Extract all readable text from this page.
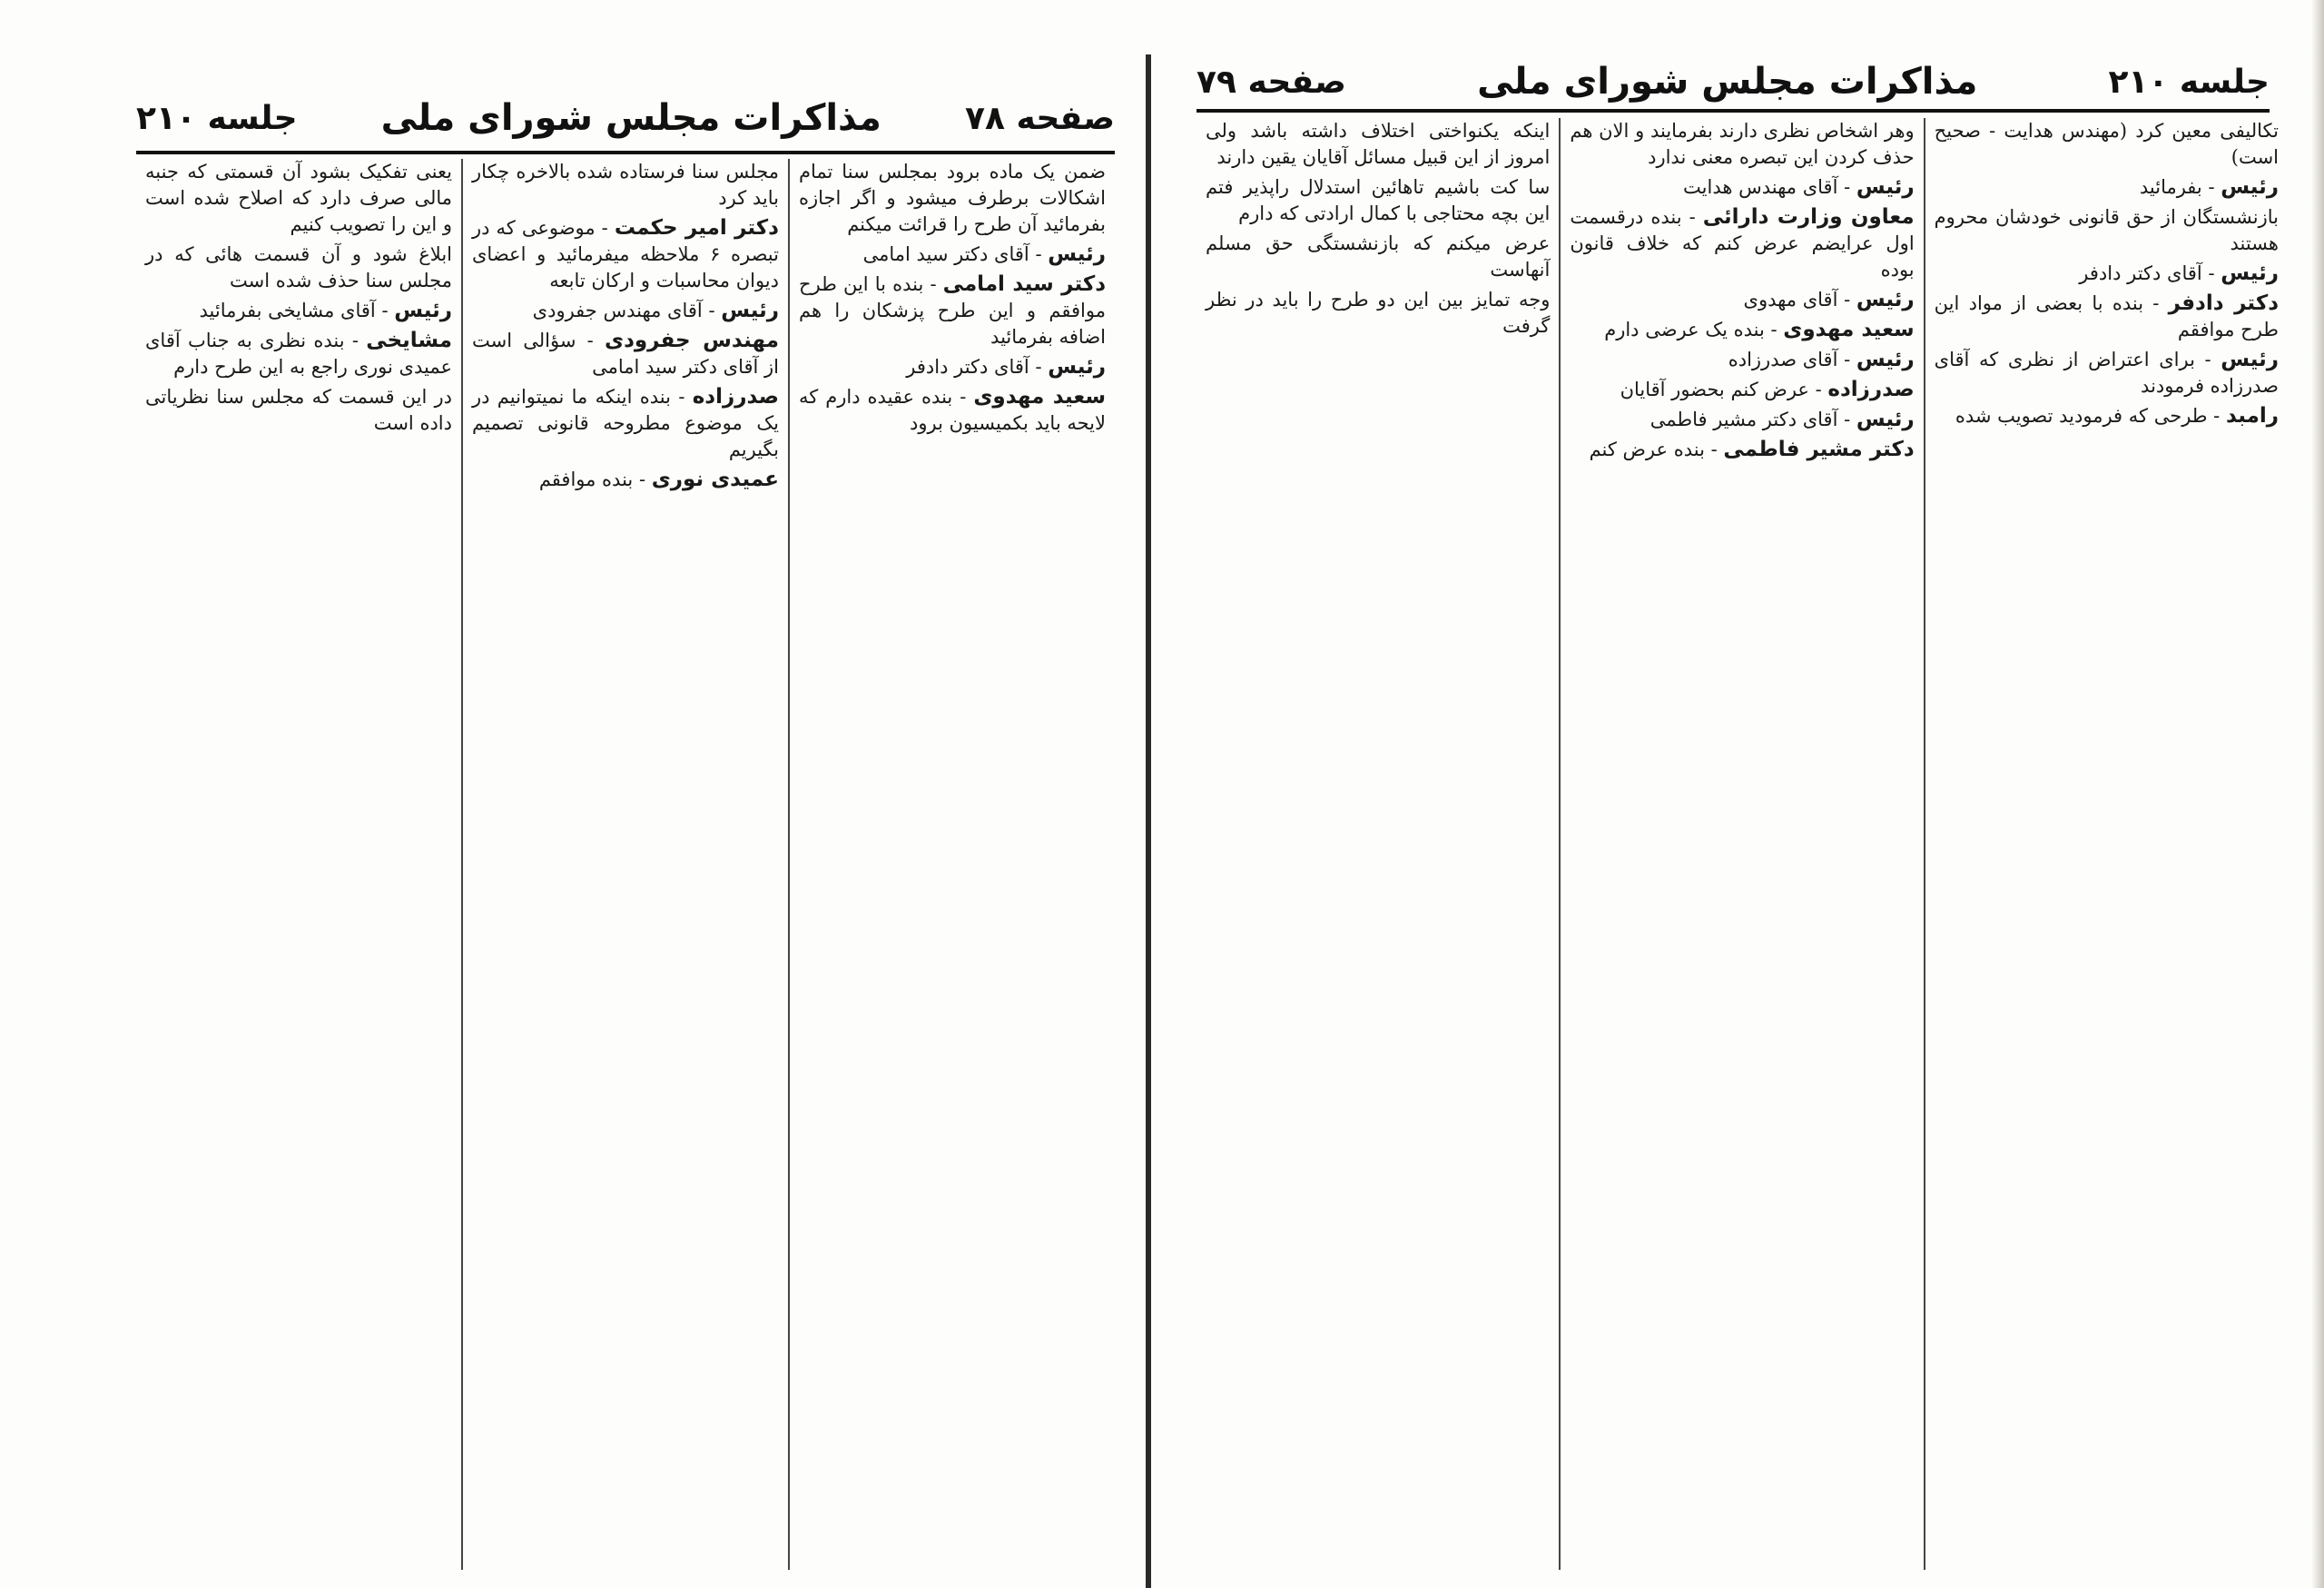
صفحه ۷۸
مذاکرات مجلس شورای ملی
جلسه ۲۱۰

ضمن یک ماده برود بمجلس سنا تمام اشکالات برطرف میشود و اگر اجازه بفرمائید آن طرح را قرائت میکنم

رئیس - آقای دکتر سید امامی

دکتر سید امامی - بنده با این طرح موافقم و این طرح پزشکان را هم اضافه بفرمائید

رئیس - آقای دکتر دادفر

سعید مهدوی - بنده عقیده دارم که لایحه باید بکمیسیون برود

مجلس سنا فرستاده شده بالاخره چکار باید کرد

دکتر امیر حکمت - موضوعی که در تبصره ۶ ملاحظه میفرمائید و اعضای دیوان محاسبات و ارکان تابعه

رئیس - آقای مهندس جفرودی

مهندس جفرودی - سؤالی است از آقای دکتر سید امامی

صدرزاده - بنده اینکه ما نمیتوانیم در یک موضوع مطروحه قانونی تصمیم بگیریم

عمیدی نوری - بنده موافقم

یعنی تفکیک بشود آن قسمتی که جنبه مالی صرف دارد که اصلاح شده است و این را تصویب کنیم

ابلاغ شود و آن قسمت هائی که در مجلس سنا حذف شده است

رئیس - آقای مشایخی بفرمائید

مشایخی - بنده نظری به جناب آقای عمیدی نوری راجع به این طرح دارم

در این قسمت که مجلس سنا نظریاتی داده است

جلسه ۲۱۰
مذاکرات مجلس شورای ملی
صفحه ۷۹

تکالیفی معین کرد (مهندس هدایت - صحیح است)

رئیس - بفرمائید

بازنشستگان از حق قانونی خودشان محروم هستند

رئیس - آقای دکتر دادفر

دکتر دادفر - بنده با بعضی از مواد این طرح موافقم

رئیس - برای اعتراض از نظری که آقای صدرزاده فرمودند

رامبد - طرحی که فرمودید تصویب شده

وهر اشخاص نظری دارند بفرمایند و الان هم حذف کردن این تبصره معنی ندارد

رئیس - آقای مهندس هدایت

معاون وزارت دارائی - بنده درقسمت اول عرایضم عرض کنم که خلاف قانون بوده

رئیس - آقای مهدوی

سعید مهدوی - بنده یک عرضی دارم

رئیس - آقای صدرزاده

صدرزاده - عرض کنم بحضور آقایان

رئیس - آقای دکتر مشیر فاطمی

دکتر مشیر فاطمی - بنده عرض کنم

اینکه یکنواختی اختلاف داشته باشد ولی امروز از این قبیل مسائل آقایان یقین دارند

سا کت باشیم تاهائین استدلال راپذیر فتم این بچه محتاجی با کمال ارادتی که دارم

عرض میکنم که بازنشستگی حق مسلم آنهاست

وجه تمایز بین این دو طرح را باید در نظر گرفت
